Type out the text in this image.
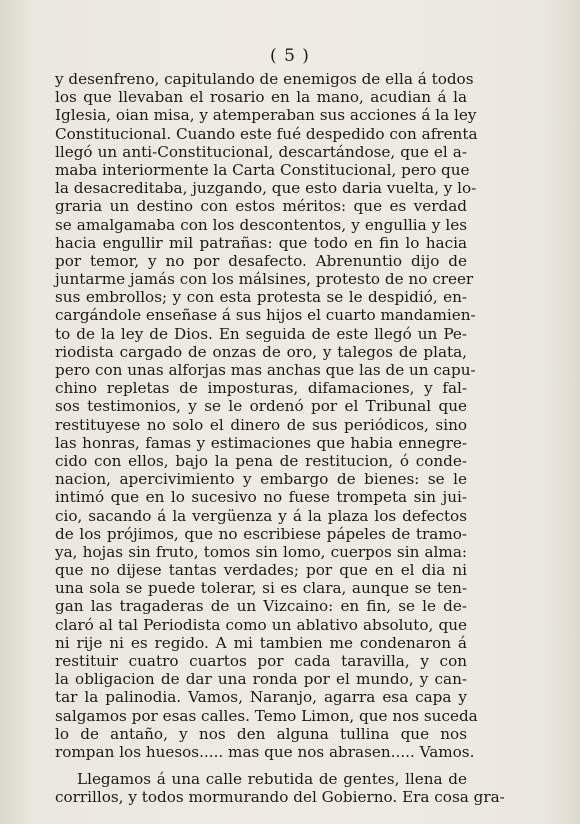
( 5 )
y desenfreno, capitulando de enemigos de ella á todos
los que llevaban el rosario en la mano, acudian á la
Iglesia, oian misa, y atemperaban sus acciones á la ley
Constitucional. Cuando este fué despedido con afrenta
llegó un anti-Constitucional, descartándose, que el a-
maba interiormente la Carta Constitucional, pero que
la desacreditaba, juzgando, que esto daria vuelta, y lo-
graria un destino con estos méritos: que es verdad
se amalgamaba con los descontentos, y engullia y les
hacia engullir mil patrañas: que todo en fin lo hacia
por temor, y no por desafecto. Abrenuntio dijo de
juntarme jamás con los málsines, protesto de no creer
sus embrollos; y con esta protesta se le despidió, en-
cargándole enseñase á sus hijos el cuarto mandamien-
to de la ley de Dios. En seguida de este llegó un Pe-
riodista cargado de onzas de oro, y talegos de plata,
pero con unas alforjas mas anchas que las de un capu-
chino repletas de imposturas, difamaciones, y fal-
sos testimonios, y se le ordenó por el Tribunal que
restituyese no solo el dinero de sus periódicos, sino
las honras, famas y estimaciones que habia ennegre-
cido con ellos, bajo la pena de restitucion, ó conde-
nacion, apercivimiento y embargo de bienes: se le
intimó que en lo sucesivo no fuese trompeta sin jui-
cio, sacando á la vergüenza y á la plaza los defectos
de los prójimos, que no escribiese pápeles de tramo-
ya, hojas sin fruto, tomos sin lomo, cuerpos sin alma:
que no dijese tantas verdades; por que en el dia ni
una sola se puede tolerar, si es clara, aunque se ten-
gan las tragaderas de un Vizcaino: en fin, se le de-
claró al tal Periodista como un ablativo absoluto, que
ni rije ni es regido. A mi tambien me condenaron á
restituir cuatro cuartos por cada taravilla, y con
la obligacion de dar una ronda por el mundo, y can-
tar la palinodia. Vamos, Naranjo, agarra esa capa y
salgamos por esas calles. Temo Limon, que nos suceda
lo de antaño, y nos den alguna tullina que nos
rompan los huesos..... mas que nos abrasen..... Vamos.
Llegamos á una calle rebutida de gentes, llena de
corrillos, y todos mormurando del Gobierno. Era cosa gra-
